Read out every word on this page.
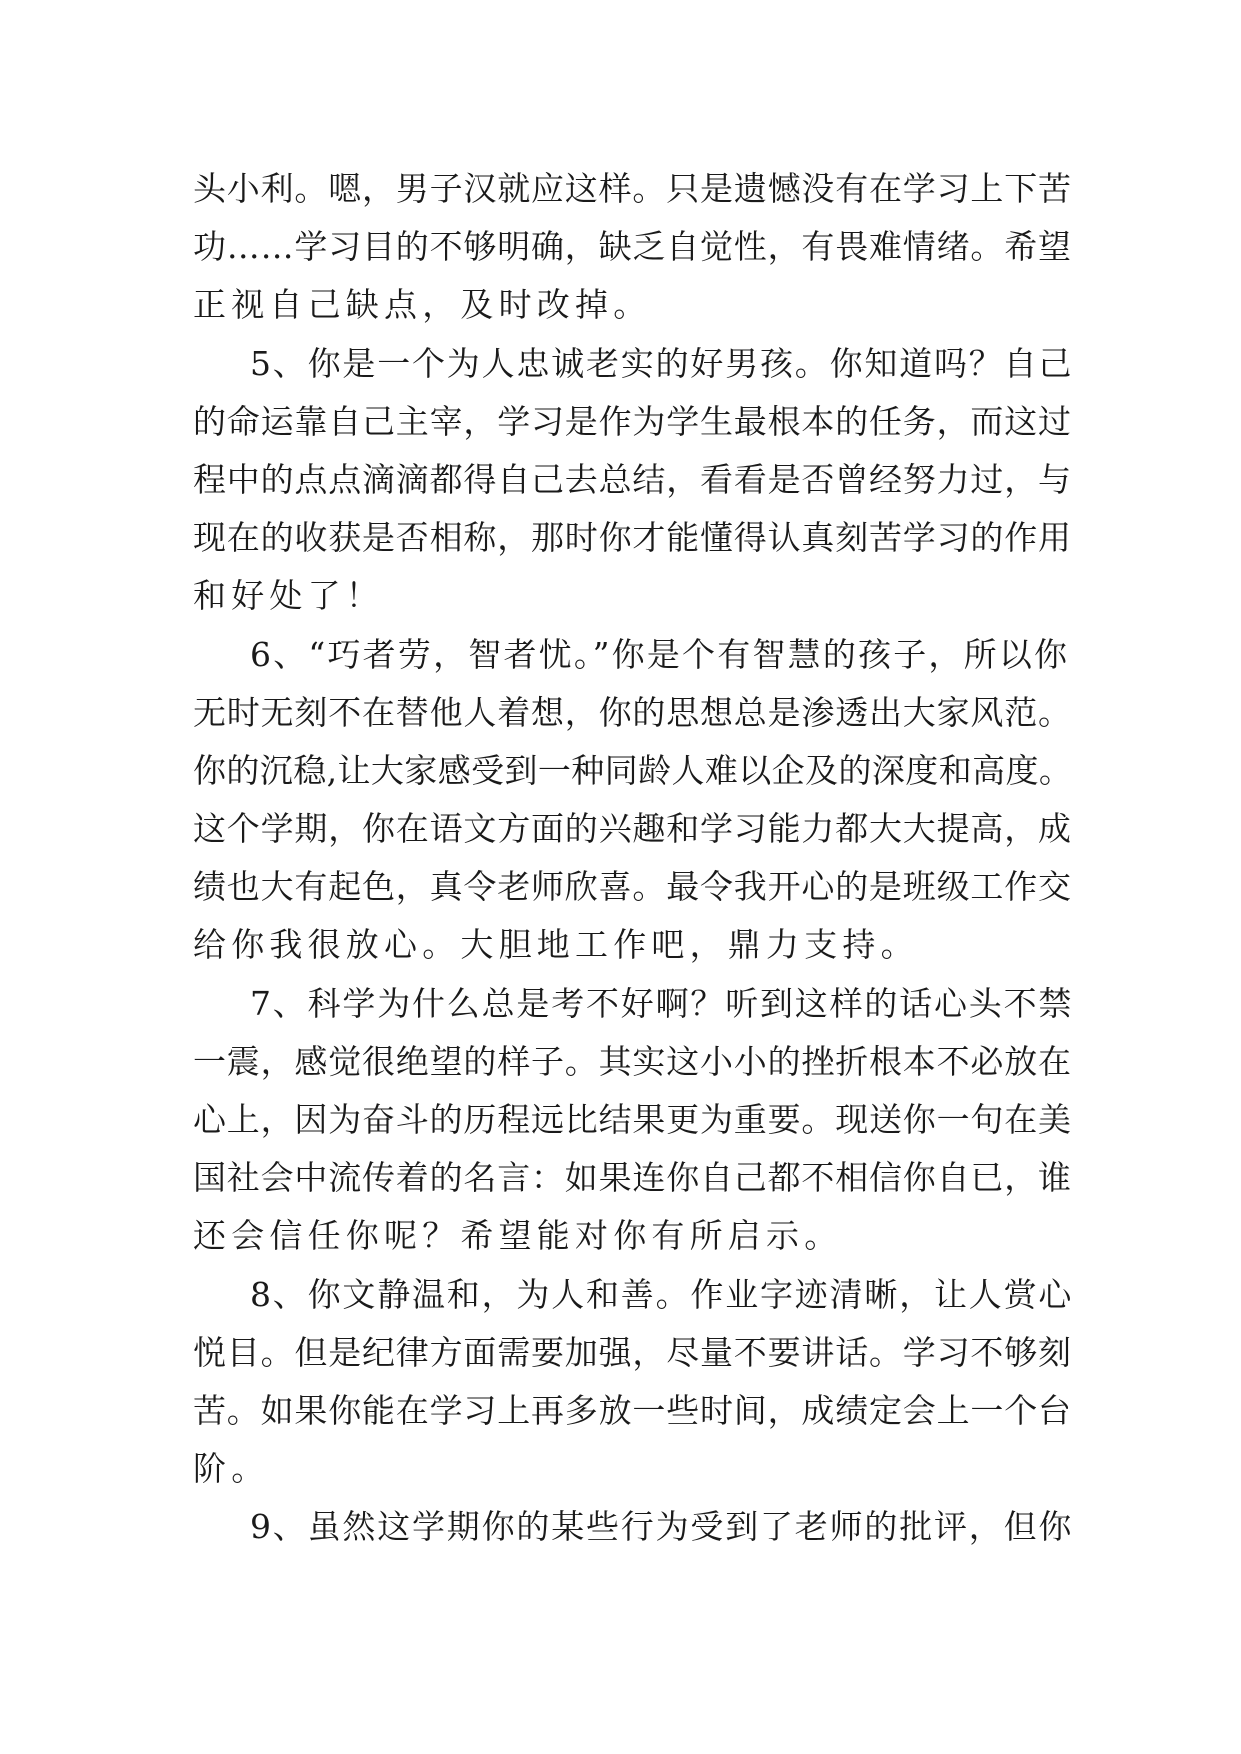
头小利。嗯，男子汉就应这样。只是遗憾没有在学习上下苦
功……学习目的不够明确，缺乏自觉性，有畏难情绪。希望
正视自己缺点，及时改掉。
5、你是一个为人忠诚老实的好男孩。你知道吗？自己
的命运靠自己主宰，学习是作为学生最根本的任务，而这过
程中的点点滴滴都得自己去总结，看看是否曾经努力过，与
现在的收获是否相称，那时你才能懂得认真刻苦学习的作用
和好处了！
6、“巧者劳，智者忧。”你是个有智慧的孩子，所以你
无时无刻不在替他人着想，你的思想总是渗透出大家风范。
你的沉稳,让大家感受到一种同龄人难以企及的深度和高度。
这个学期，你在语文方面的兴趣和学习能力都大大提高，成
绩也大有起色，真令老师欣喜。最令我开心的是班级工作交
给你我很放心。大胆地工作吧，鼎力支持。
7、科学为什么总是考不好啊？听到这样的话心头不禁
一震，感觉很绝望的样子。其实这小小的挫折根本不必放在
心上，因为奋斗的历程远比结果更为重要。现送你一句在美
国社会中流传着的名言：如果连你自己都不相信你自已，谁
还会信任你呢？希望能对你有所启示。
8、你文静温和，为人和善。作业字迹清晰，让人赏心
悦目。但是纪律方面需要加强，尽量不要讲话。学习不够刻
苦。如果你能在学习上再多放一些时间，成绩定会上一个台
阶。
9、虽然这学期你的某些行为受到了老师的批评，但你
